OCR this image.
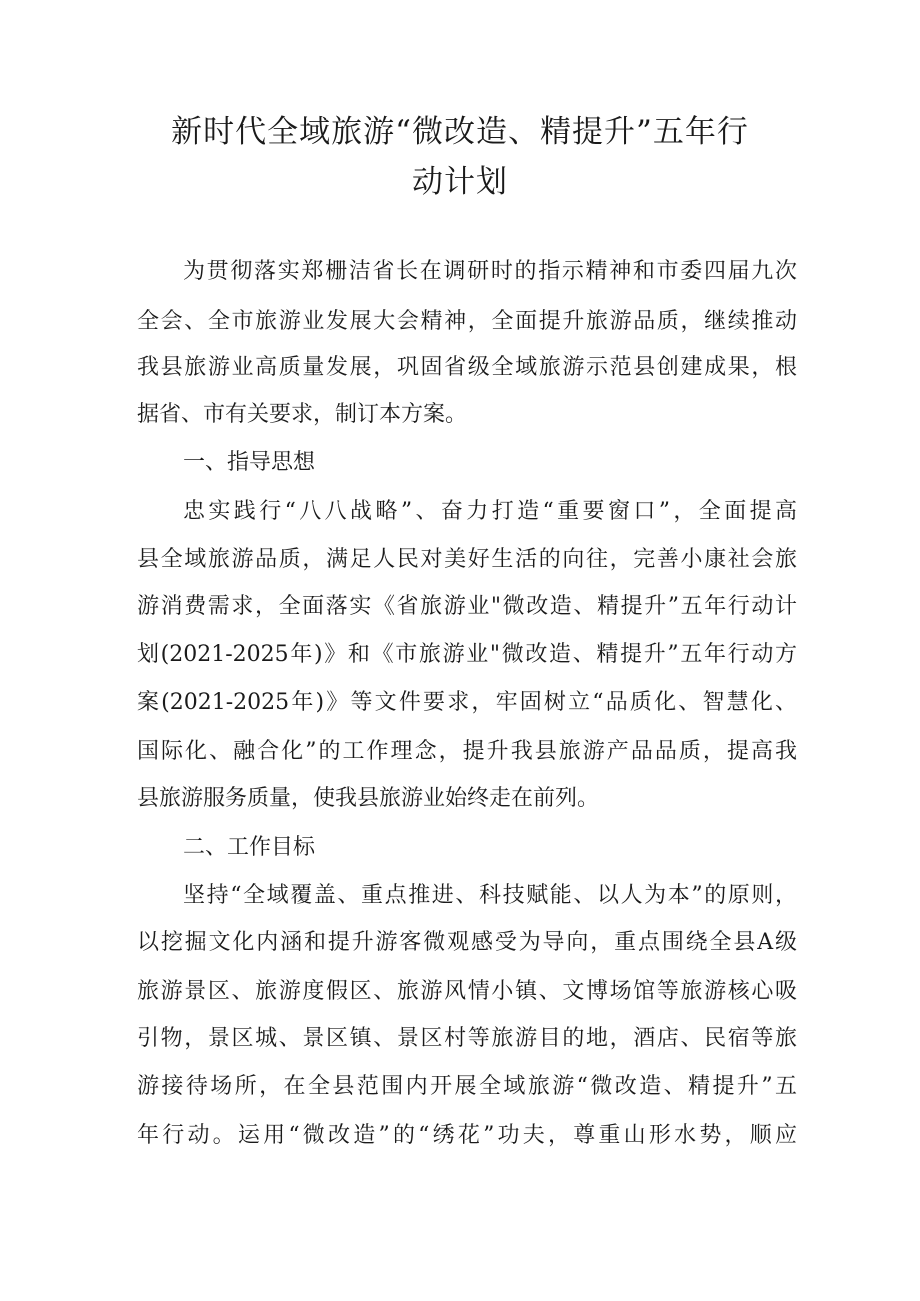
新时代全域旅游“微改造、精提升”五年行
动计划
为贯彻落实郑栅洁省长在调研时的指示精神和市委四届九次
全会、全市旅游业发展大会精神，全面提升旅游品质，继续推动
我县旅游业高质量发展，巩固省级全域旅游示范县创建成果，根
据省、市有关要求，制订本方案。
一、指导思想
忠实践行“八八战略”、奋力打造“重要窗口”，全面提高
县全域旅游品质，满足人民对美好生活的向往，完善小康社会旅
游消费需求，全面落实《省旅游业"微改造、精提升”五年行动计
划(2021-2025年)》和《市旅游业"微改造、精提升”五年行动方
案(2021-2025年)》等文件要求，牢固树立“品质化、智慧化、
国际化、融合化”的工作理念，提升我县旅游产品品质，提高我
县旅游服务质量，使我县旅游业始终走在前列。
二、工作目标
坚持“全域覆盖、重点推进、科技赋能、以人为本”的原则，
以挖掘文化内涵和提升游客微观感受为导向，重点围绕全县A级
旅游景区、旅游度假区、旅游风情小镇、文博场馆等旅游核心吸
引物，景区城、景区镇、景区村等旅游目的地，酒店、民宿等旅
游接待场所，在全县范围内开展全域旅游“微改造、精提升”五
年行动。运用“微改造”的“绣花”功夫，尊重山形水势，顺应
